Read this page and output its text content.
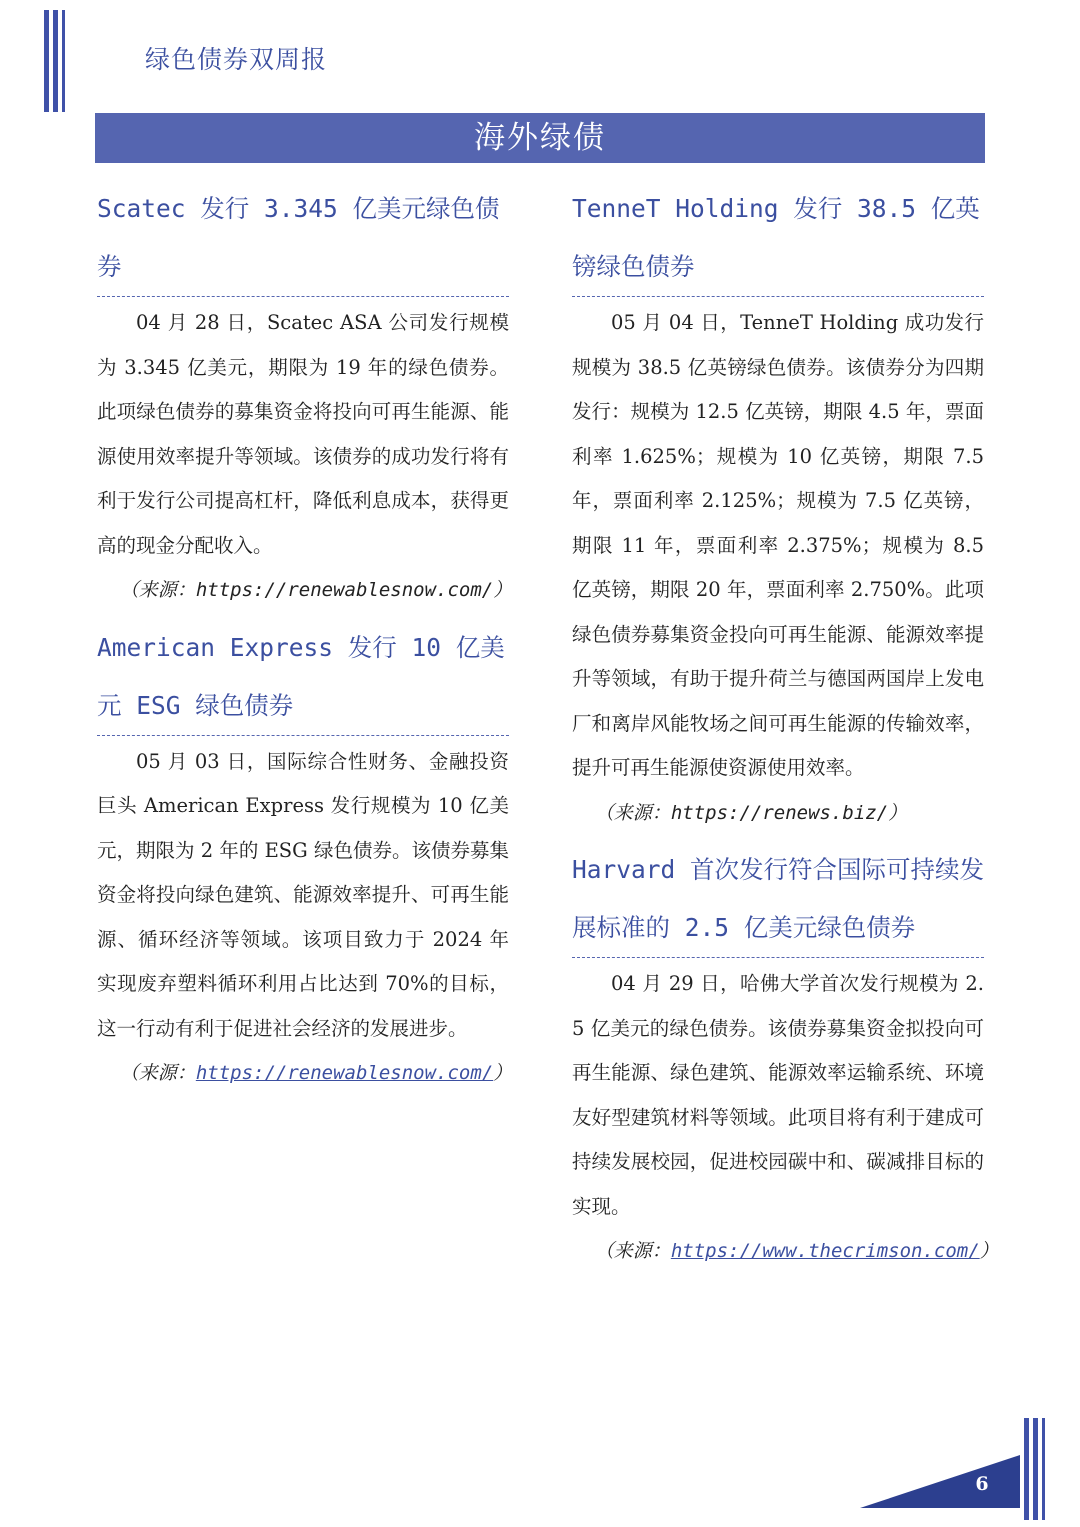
绿色债券双周报
海外绿债
Scatec 发行 3.345 亿美元绿色债券

04 月 28 日，Scatec ASA 公司发行规模为 3.345 亿美元，期限为 19 年的绿色债券。此项绿色债券的募集资金将投向可再生能源、能源使用效率提升等领域。该债券的成功发行将有利于发行公司提高杠杆，降低利息成本，获得更高的现金分配收入。

（来源：https://renewablesnow.com/）

American Express 发行 10 亿美元 ESG 绿色债券

05 月 03 日，国际综合性财务、金融投资巨头 American Express 发行规模为 10 亿美元，期限为 2 年的 ESG 绿色债券。该债券募集资金将投向绿色建筑、能源效率提升、可再生能源、循环经济等领域。该项目致力于 2024 年实现废弃塑料循环利用占比达到 70%的目标，这一行动有利于促进社会经济的发展进步。

（来源：https://renewablesnow.com/）

TenneT Holding 发行 38.5 亿英镑绿色债券

05 月 04 日，TenneT Holding 成功发行规模为 38.5 亿英镑绿色债券。该债券分为四期发行：规模为 12.5 亿英镑，期限 4.5 年，票面利率 1.625%；规模为 10 亿英镑，期限 7.5 年，票面利率 2.125%；规模为 7.5 亿英镑，期限 11 年，票面利率 2.375%；规模为 8.5 亿英镑，期限 20 年，票面利率 2.750%。此项绿色债券募集资金投向可再生能源、能源效率提升等领域，有助于提升荷兰与德国两国岸上发电厂和离岸风能牧场之间可再生能源的传输效率，提升可再生能源使资源使用效率。

（来源：https://renews.biz/）

Harvard 首次发行符合国际可持续发展标准的 2.5 亿美元绿色债券

04 月 29 日，哈佛大学首次发行规模为 2.5 亿美元的绿色债券。该债券募集资金拟投向可再生能源、绿色建筑、能源效率运输系统、环境友好型建筑材料等领域。此项目将有利于建成可持续发展校园，促进校园碳中和、碳减排目标的实现。

（来源：https://www.thecrimson.com/）

6
